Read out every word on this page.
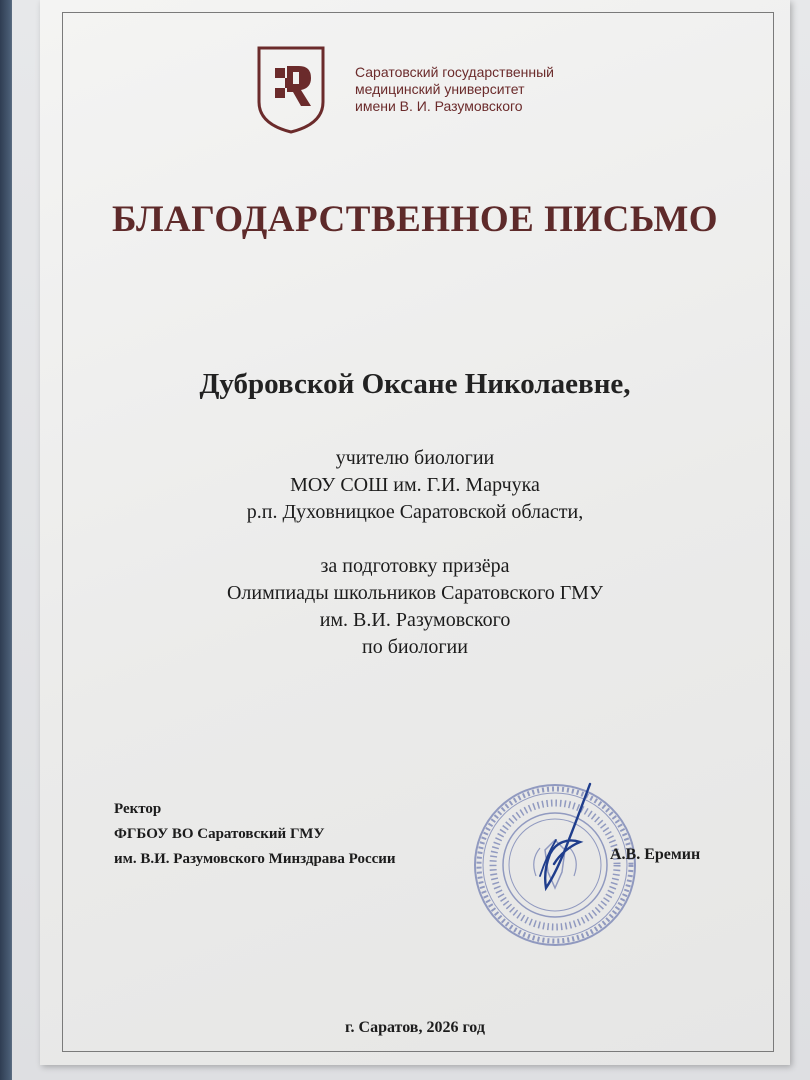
Саратовский государственный
медицинский университет
имени В. И. Разумовского
БЛАГОДАРСТВЕННОЕ ПИСЬМО
Дубровской Оксане Николаевне,
учителю биологии
МОУ СОШ им. Г.И. Марчука
р.п. Духовницкое Саратовской области,
за подготовку призёра
Олимпиады школьников Саратовского ГМУ
им. В.И. Разумовского
по биологии
Ректор
ФГБОУ ВО Саратовский ГМУ
им. В.И. Разумовского Минздрава России	А.В. Еремин
г. Саратов, 2026 год
